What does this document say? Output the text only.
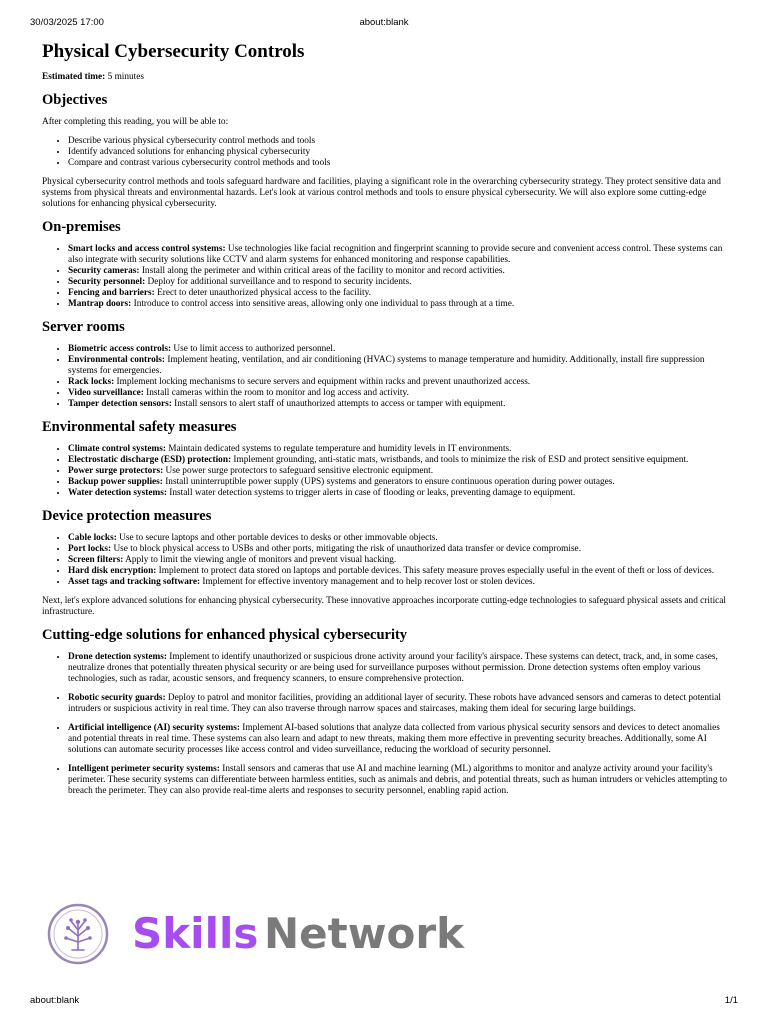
30/03/2025 17:00	about:blank
Physical Cybersecurity Controls

Estimated time: 5 minutes

Objectives

After completing this reading, you will be able to:

• Describe various physical cybersecurity control methods and tools
• Identify advanced solutions for enhancing physical cybersecurity
• Compare and contrast various cybersecurity control methods and tools

Physical cybersecurity control methods and tools safeguard hardware and facilities, playing a significant role in the overarching cybersecurity strategy. They protect sensitive data and systems from physical threats and environmental hazards. Let's look at various control methods and tools to ensure physical cybersecurity. We will also explore some cutting-edge solutions for enhancing physical cybersecurity.

On-premises
• Smart locks and access control systems: Use technologies like facial recognition and fingerprint scanning to provide secure and convenient access control. These systems can also integrate with security solutions like CCTV and alarm systems for enhanced monitoring and response capabilities.
• Security cameras: Install along the perimeter and within critical areas of the facility to monitor and record activities.
• Security personnel: Deploy for additional surveillance and to respond to security incidents.
• Fencing and barriers: Erect to deter unauthorized physical access to the facility.
• Mantrap doors: Introduce to control access into sensitive areas, allowing only one individual to pass through at a time.
Server rooms
• Biometric access controls: Use to limit access to authorized personnel.
• Environmental controls: Implement heating, ventilation, and air conditioning (HVAC) systems to manage temperature and humidity. Additionally, install fire suppression systems for emergencies.
• Rack locks: Implement locking mechanisms to secure servers and equipment within racks and prevent unauthorized access.
• Video surveillance: Install cameras within the room to monitor and log access and activity.
• Tamper detection sensors: Install sensors to alert staff of unauthorized attempts to access or tamper with equipment.
Environmental safety measures
• Climate control systems: Maintain dedicated systems to regulate temperature and humidity levels in IT environments.
• Electrostatic discharge (ESD) protection: Implement grounding, anti-static mats, wristbands, and tools to minimize the risk of ESD and protect sensitive equipment.
• Power surge protectors: Use power surge protectors to safeguard sensitive electronic equipment.
• Backup power supplies: Install uninterruptible power supply (UPS) systems and generators to ensure continuous operation during power outages.
• Water detection systems: Install water detection systems to trigger alerts in case of flooding or leaks, preventing damage to equipment.
Device protection measures
• Cable locks: Use to secure laptops and other portable devices to desks or other immovable objects.
• Port locks: Use to block physical access to USBs and other ports, mitigating the risk of unauthorized data transfer or device compromise.
• Screen filters: Apply to limit the viewing angle of monitors and prevent visual hacking.
• Hard disk encryption: Implement to protect data stored on laptops and portable devices. This safety measure proves especially useful in the event of theft or loss of devices.
• Asset tags and tracking software: Implement for effective inventory management and to help recover lost or stolen devices.

Next, let's explore advanced solutions for enhancing physical cybersecurity. These innovative approaches incorporate cutting-edge technologies to safeguard physical assets and critical infrastructure.

Cutting-edge solutions for enhanced physical cybersecurity
• Drone detection systems: Implement to identify unauthorized or suspicious drone activity around your facility's airspace. These systems can detect, track, and, in some cases, neutralize drones that potentially threaten physical security or are being used for surveillance purposes without permission. Drone detection systems often employ various technologies, such as radar, acoustic sensors, and frequency scanners, to ensure comprehensive protection.
• Robotic security guards: Deploy to patrol and monitor facilities, providing an additional layer of security. These robots have advanced sensors and cameras to detect potential intruders or suspicious activity in real time. They can also traverse through narrow spaces and staircases, making them ideal for securing large buildings.
• Artificial intelligence (AI) security systems: Implement AI-based solutions that analyze data collected from various physical security sensors and devices to detect anomalies and potential threats in real time. These systems can also learn and adapt to new threats, making them more effective in preventing security breaches. Additionally, some AI solutions can automate security processes like access control and video surveillance, reducing the workload of security personnel.
• Intelligent perimeter security systems: Install sensors and cameras that use AI and machine learning (ML) algorithms to monitor and analyze activity around your facility's perimeter. These security systems can differentiate between harmless entities, such as animals and debris, and potential threats, such as human intruders or vehicles attempting to breach the perimeter. They can also provide real-time alerts and responses to security personnel, enabling rapid action.
Skills Network
about:blank	1/1
